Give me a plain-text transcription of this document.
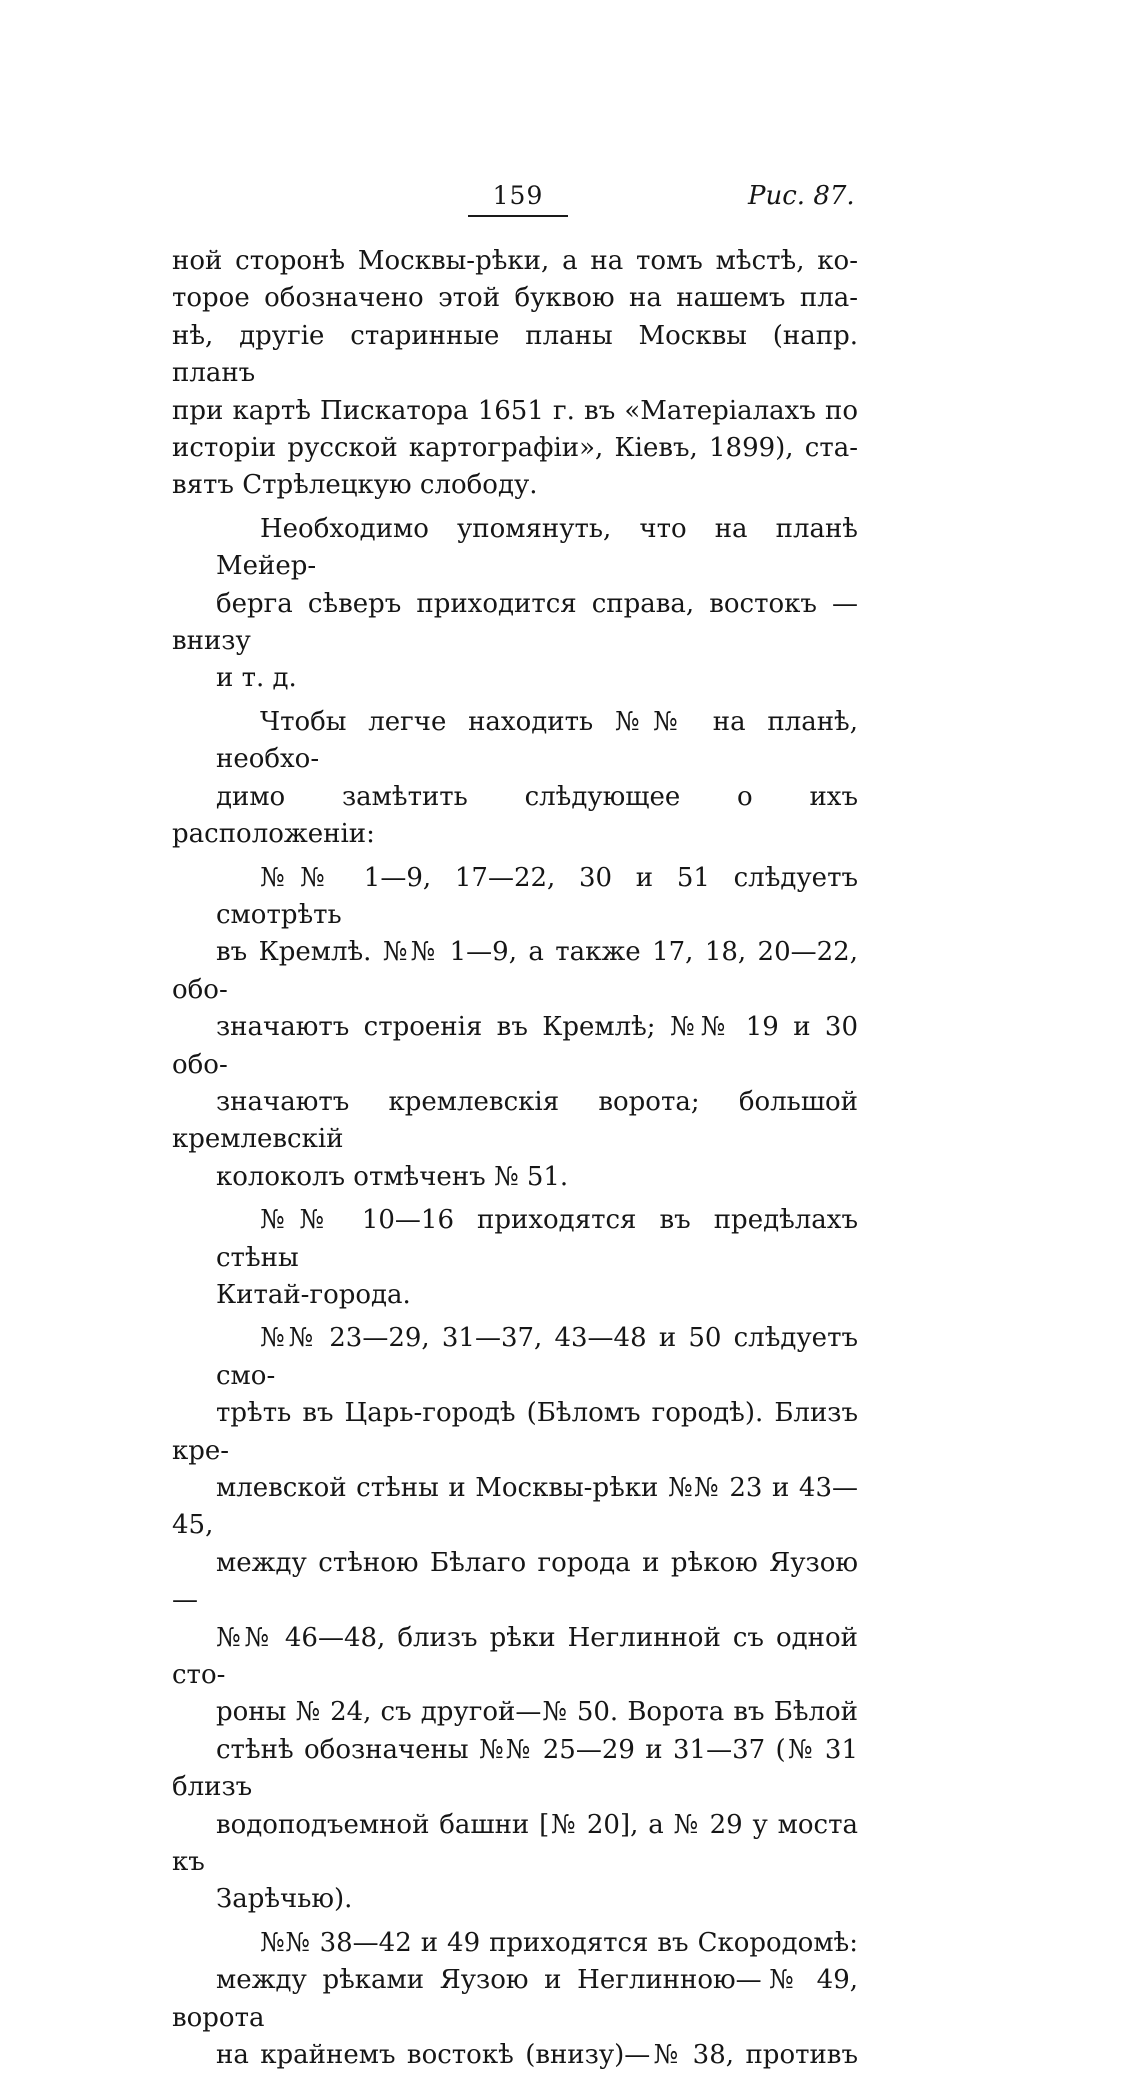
159	Рис. 87.
ной сторонѣ Москвы-рѣки, а на томъ мѣстѣ, ко-
торое обозначено этой буквою на нашемъ пла-
нѣ, другіе старинные планы Москвы (напр. планъ
при картѣ Пискатора 1651 г. въ «Матеріалахъ по
исторіи русской картографіи», Кіевъ, 1899), ста-
вятъ Стрѣлецкую слободу.
Необходимо упомянуть, что на планѣ Мейер-
берга сѣверъ приходится справа, востокъ — внизу
и т. д.
Чтобы легче находить №№ на планѣ, необхо-
димо замѣтить слѣдующее о ихъ расположеніи:
№№ 1—9, 17—22, 30 и 51 слѣдуетъ смотрѣть
въ Кремлѣ. №№ 1—9, а также 17, 18, 20—22, обо-
значаютъ строенія въ Кремлѣ; №№ 19 и 30 обо-
значаютъ кремлевскія ворота; большой кремлевскій
колоколъ отмѣченъ № 51.
№№ 10—16 приходятся въ предѣлахъ стѣны
Китай-города.
№№ 23—29, 31—37, 43—48 и 50 слѣдуетъ смо-
трѣть въ Царь-городѣ (Бѣломъ городѣ). Близъ кре-
млевской стѣны и Москвы-рѣки №№ 23 и 43—45,
между стѣною Бѣлаго города и рѣкою Яузою—
№№ 46—48, близъ рѣки Неглинной съ одной сто-
роны № 24, съ другой—№ 50. Ворота въ Бѣлой
стѣнѣ обозначены №№ 25—29 и 31—37 (№ 31 близъ
водоподъемной башни [№ 20], а № 29 у моста къ
Зарѣчью).
№№ 38—42 и 49 приходятся въ Скородомѣ:
между рѣками Яузою и Неглинною—№ 49, ворота
на крайнемъ востокѣ (внизу)—№ 38, противъ
